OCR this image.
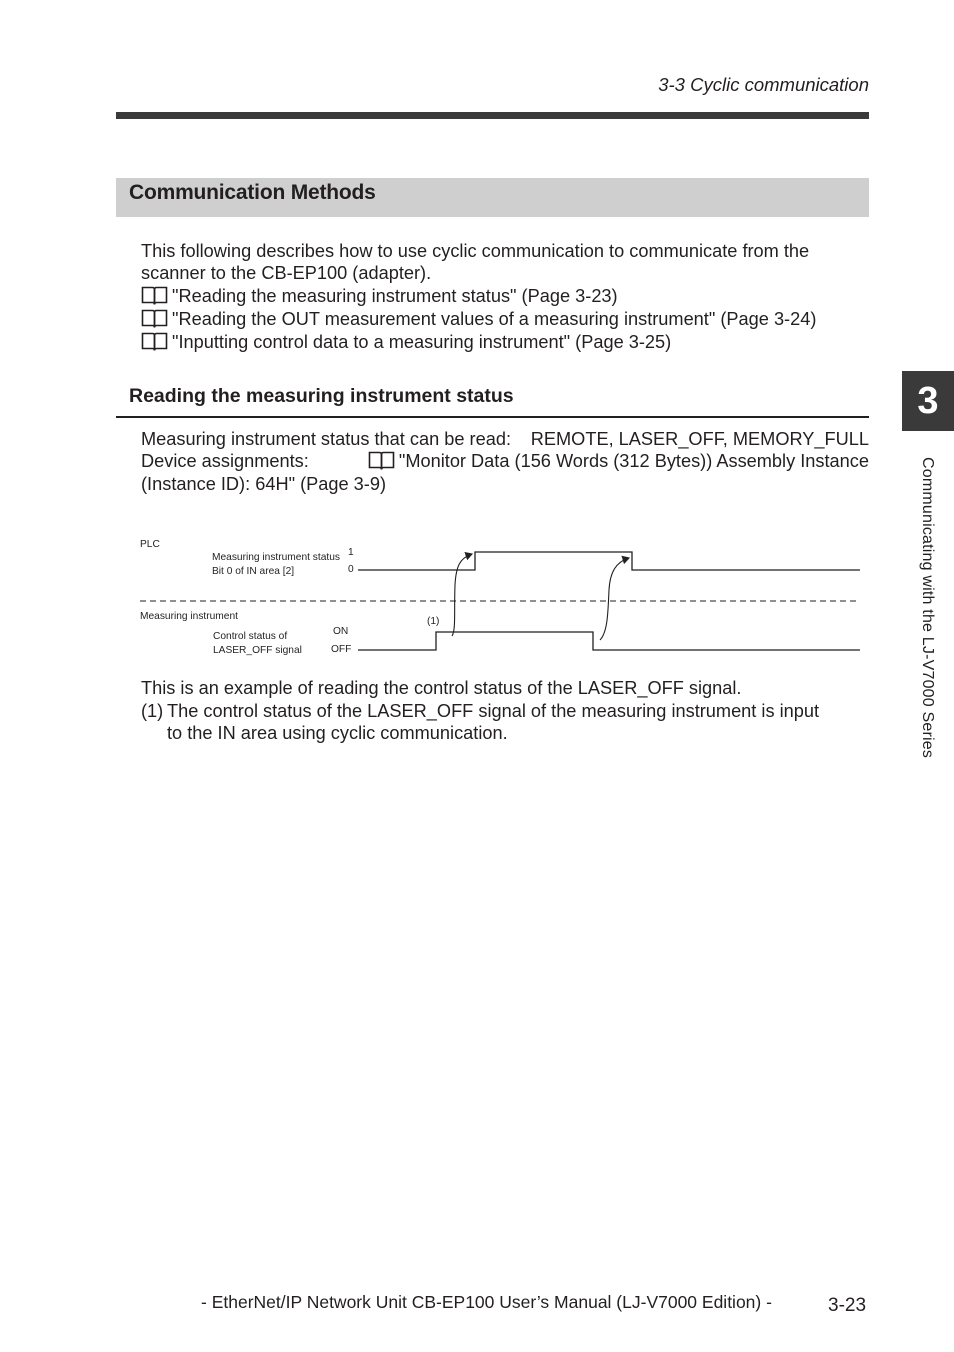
3-3 Cyclic communication
Communication Methods
This following describes how to use cyclic communication to communicate from the
scanner to the CB-EP100 (adapter).
"Reading the measuring instrument status" (Page 3-23)
"Reading the OUT measurement values of a measuring instrument" (Page 3-24)
"Inputting control data to a measuring instrument" (Page 3-25)
Reading the measuring instrument status
Measuring instrument status that can be read: REMOTE, LASER_OFF, MEMORY_FULL
Device assignments:	"Monitor Data (156 Words (312 Bytes)) Assembly Instance
(Instance ID): 64H" (Page 3-9)
PLC
Measuring instrument status
Bit 0 of IN area [2]
1
0
Measuring instrument
Control status of
LASER_OFF signal
ON
OFF
(1)
This is an example of reading the control status of the LASER_OFF signal.
(1) The control status of the LASER_OFF signal of the measuring instrument is input
to the IN area using cyclic communication.
3
Communicating with the LJ-V7000 Series
- EtherNet/IP Network Unit CB-EP100 User’s Manual (LJ-V7000 Edition) -	3-23
